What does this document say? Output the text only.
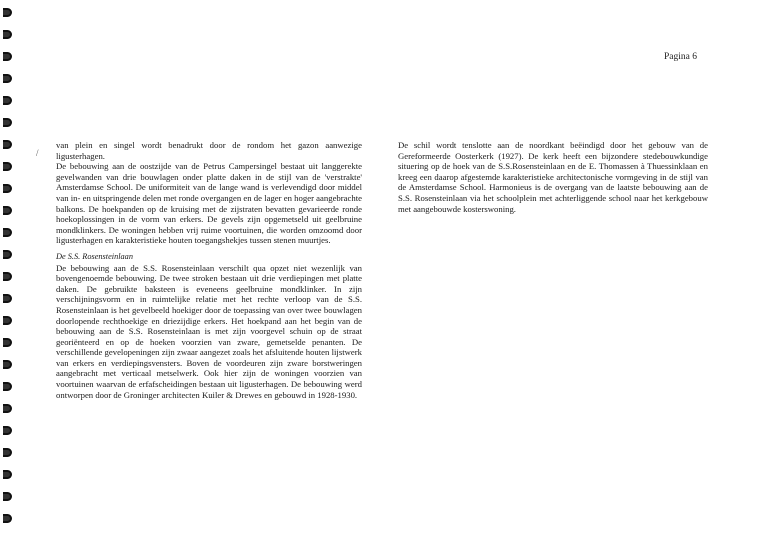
/
Pagina 6

van plein en singel wordt benadrukt door de rondom het gazon aanwezige ligusterhagen.

De bebouwing aan de oostzijde van de Petrus Campersingel bestaat uit langgerekte gevelwanden van drie bouwlagen onder platte daken in de stijl van de 'verstrakte' Amsterdamse School. De uniformiteit van de lange wand is verlevendigd door middel van in- en uitspringende delen met ronde overgangen en de lager en hoger aangebrachte balkons. De hoekpanden op de kruising met de zijstraten bevatten gevarieerde ronde hoekoplossingen in de vorm van erkers. De gevels zijn opgemetseld uit geelbruine mondklinkers. De woningen hebben vrij ruime voortuinen, die worden omzoomd door ligusterhagen en karakteristieke houten toegangshekjes tussen stenen muurtjes.

De S.S. Rosensteinlaan

De bebouwing aan de S.S. Rosensteinlaan verschilt qua opzet niet wezenlijk van bovengenoemde bebouwing. De twee stroken bestaan uit drie verdiepingen met platte daken. De gebruikte baksteen is eveneens geelbruine mondklinker. In zijn verschijningsvorm en in ruimtelijke relatie met het rechte verloop van de S.S. Rosensteinlaan is het gevelbeeld hoekiger door de toepassing van over twee bouwlagen doorlopende rechthoekige en driezijdige erkers. Het hoekpand aan het begin van de bebouwing aan de S.S. Rosensteinlaan is met zijn voorgevel schuin op de straat georiënteerd en op de hoeken voorzien van zware, gemetselde penanten. De verschillende gevelopeningen zijn zwaar aangezet zoals het afsluitende houten lijstwerk van erkers en verdiepingsvensters. Boven de voordeuren zijn zware borstweringen aangebracht met verticaal metselwerk. Ook hier zijn de woningen voorzien van voortuinen waarvan de erfafscheidingen bestaan uit ligusterhagen. De bebouwing werd ontworpen door de Groninger architecten Kuiler & Drewes en gebouwd in 1928-1930.

De schil wordt tenslotte aan de noordkant beëindigd door het gebouw van de Gereformeerde Oosterkerk (1927). De kerk heeft een bijzondere stedebouwkundige situering op de hoek van de S.S.Rosensteinlaan en de E. Thomassen à Thuessinklaan en kreeg een daarop afgestemde karakteristieke architectonische vormgeving in de stijl van de Amsterdamse School. Harmonieus is de overgang van de laatste bebouwing aan de S.S. Rosensteinlaan via het schoolplein met achterliggende school naar het kerkgebouw met aangebouwde kosterswoning.
